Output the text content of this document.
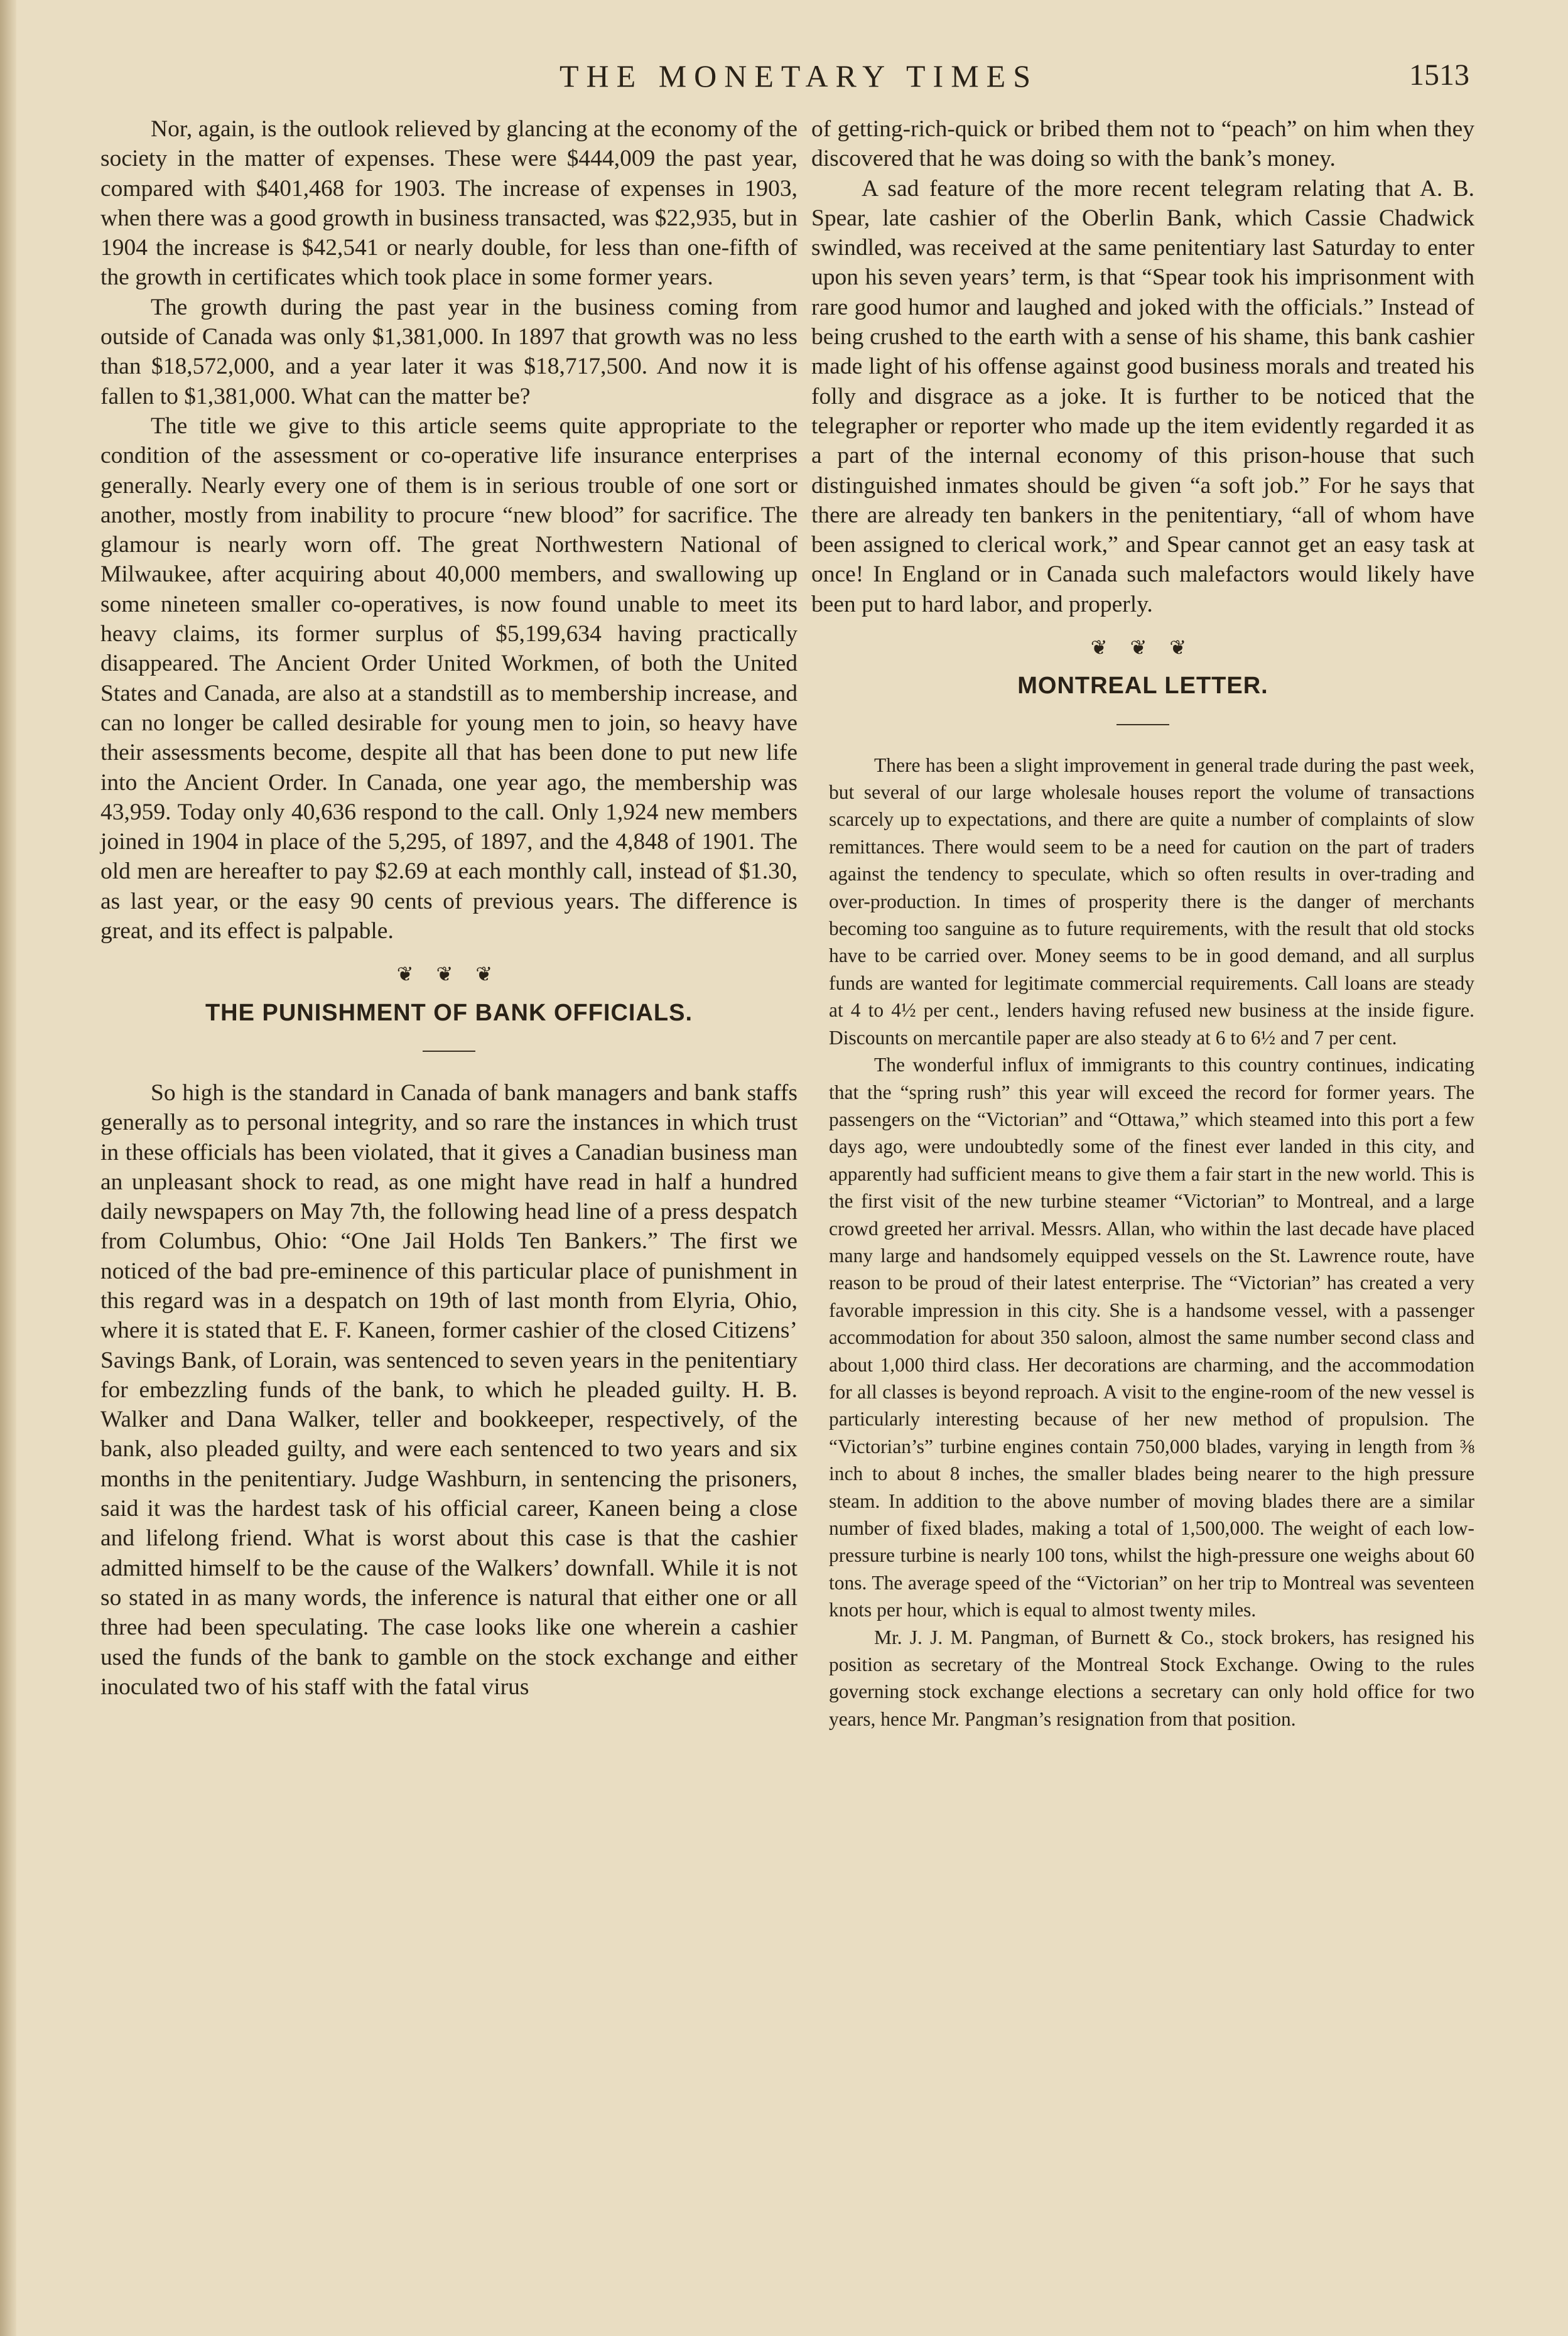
THE MONETARY TIMES	1513

Nor, again, is the outlook relieved by glancing at the economy of the society in the matter of expenses. These were $444,009 the past year, compared with $401,468 for 1903. The increase of expenses in 1903, when there was a good growth in business transacted, was $22,935, but in 1904 the increase is $42,541 or nearly double, for less than one-fifth of the growth in certificates which took place in some former years.

The growth during the past year in the business coming from outside of Canada was only $1,381,000. In 1897 that growth was no less than $18,572,000, and a year later it was $18,717,500. And now it is fallen to $1,381,000. What can the matter be?

The title we give to this article seems quite appropriate to the condition of the assessment or co-operative life insurance enterprises generally. Nearly every one of them is in serious trouble of one sort or another, mostly from inability to procure “new blood” for sacrifice. The glamour is nearly worn off. The great Northwestern National of Milwaukee, after acquiring about 40,000 members, and swallowing up some nineteen smaller co-operatives, is now found unable to meet its heavy claims, its former surplus of $5,199,634 having practically disappeared. The Ancient Order United Workmen, of both the United States and Canada, are also at a standstill as to membership increase, and can no longer be called desirable for young men to join, so heavy have their assessments become, despite all that has been done to put new life into the Ancient Order. In Canada, one year ago, the membership was 43,959. Today only 40,636 respond to the call. Only 1,924 new members joined in 1904 in place of the 5,295, of 1897, and the 4,848 of 1901. The old men are hereafter to pay $2.69 at each monthly call, instead of $1.30, as last year, or the easy 90 cents of previous years. The difference is great, and its effect is palpable.

❦ ❦ ❦
THE PUNISHMENT OF BANK OFFICIALS.

So high is the standard in Canada of bank managers and bank staffs generally as to personal integrity, and so rare the instances in which trust in these officials has been violated, that it gives a Canadian business man an unpleasant shock to read, as one might have read in half a hundred daily newspapers on May 7th, the following head line of a press despatch from Columbus, Ohio: “One Jail Holds Ten Bankers.” The first we noticed of the bad pre-eminence of this particular place of punishment in this regard was in a despatch on 19th of last month from Elyria, Ohio, where it is stated that E. F. Kaneen, former cashier of the closed Citizens’ Savings Bank, of Lorain, was sentenced to seven years in the penitentiary for embezzling funds of the bank, to which he pleaded guilty. H. B. Walker and Dana Walker, teller and bookkeeper, respectively, of the bank, also pleaded guilty, and were each sentenced to two years and six months in the penitentiary. Judge Washburn, in sentencing the prisoners, said it was the hardest task of his official career, Kaneen being a close and lifelong friend. What is worst about this case is that the cashier admitted himself to be the cause of the Walkers’ downfall. While it is not so stated in as many words, the inference is natural that either one or all three had been speculating. The case looks like one wherein a cashier used the funds of the bank to gamble on the stock exchange and either inoculated two of his staff with the fatal virus

of getting-rich-quick or bribed them not to “peach” on him when they discovered that he was doing so with the bank’s money.

A sad feature of the more recent telegram relating that A. B. Spear, late cashier of the Oberlin Bank, which Cassie Chadwick swindled, was received at the same penitentiary last Saturday to enter upon his seven years’ term, is that “Spear took his imprisonment with rare good humor and laughed and joked with the officials.” Instead of being crushed to the earth with a sense of his shame, this bank cashier made light of his offense against good business morals and treated his folly and disgrace as a joke. It is further to be noticed that the telegrapher or reporter who made up the item evidently regarded it as a part of the internal economy of this prison-house that such distinguished inmates should be given “a soft job.” For he says that there are already ten bankers in the penitentiary, “all of whom have been assigned to clerical work,” and Spear cannot get an easy task at once! In England or in Canada such malefactors would likely have been put to hard labor, and properly.

❦ ❦ ❦
MONTREAL LETTER.

There has been a slight improvement in general trade during the past week, but several of our large wholesale houses report the volume of transactions scarcely up to expectations, and there are quite a number of complaints of slow remittances. There would seem to be a need for caution on the part of traders against the tendency to speculate, which so often results in over-trading and over-production. In times of prosperity there is the danger of merchants becoming too sanguine as to future requirements, with the result that old stocks have to be carried over. Money seems to be in good demand, and all surplus funds are wanted for legitimate commercial requirements. Call loans are steady at 4 to 4½ per cent., lenders having refused new business at the inside figure. Discounts on mercantile paper are also steady at 6 to 6½ and 7 per cent.

The wonderful influx of immigrants to this country continues, indicating that the “spring rush” this year will exceed the record for former years. The passengers on the “Victorian” and “Ottawa,” which steamed into this port a few days ago, were undoubtedly some of the finest ever landed in this city, and apparently had sufficient means to give them a fair start in the new world. This is the first visit of the new turbine steamer “Victorian” to Montreal, and a large crowd greeted her arrival. Messrs. Allan, who within the last decade have placed many large and handsomely equipped vessels on the St. Lawrence route, have reason to be proud of their latest enterprise. The “Victorian” has created a very favorable impression in this city. She is a handsome vessel, with a passenger accommodation for about 350 saloon, almost the same number second class and about 1,000 third class. Her decorations are charming, and the accommodation for all classes is beyond reproach. A visit to the engine-room of the new vessel is particularly interesting because of her new method of propulsion. The “Victorian’s” turbine engines contain 750,000 blades, varying in length from ⅜ inch to about 8 inches, the smaller blades being nearer to the high pressure steam. In addition to the above number of moving blades there are a similar number of fixed blades, making a total of 1,500,000. The weight of each low-pressure turbine is nearly 100 tons, whilst the high-pressure one weighs about 60 tons. The average speed of the “Victorian” on her trip to Montreal was seventeen knots per hour, which is equal to almost twenty miles.

Mr. J. J. M. Pangman, of Burnett & Co., stock brokers, has resigned his position as secretary of the Montreal Stock Exchange. Owing to the rules governing stock exchange elections a secretary can only hold office for two years, hence Mr. Pangman’s resignation from that position.
